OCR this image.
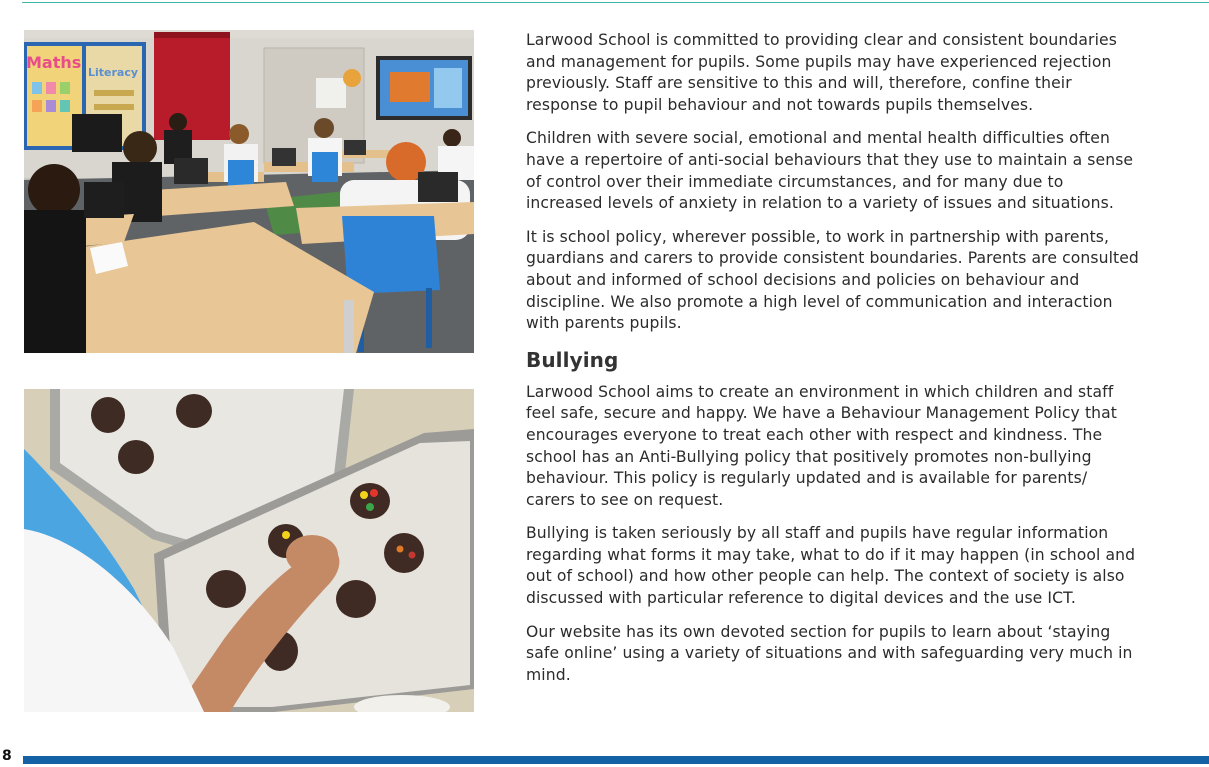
Maths
Literacy

Larwood School is committed to providing clear and consistent boundaries and management for pupils. Some pupils may have experienced rejection previously. Staff are sensitive to this and will, therefore, confine their response to pupil behaviour and not towards pupils themselves.

Children with severe social, emotional and mental health difficulties often have a repertoire of anti-social behaviours that they use to maintain a sense of control over their immediate circumstances, and for many due to increased levels of anxiety in relation to a variety of issues and situations.

It is school policy, wherever possible, to work in partnership with parents, guardians and carers to provide consistent boundaries. Parents are consulted about and informed of school decisions and policies on behaviour and discipline. We also promote a high level of communication and interaction with parents pupils.

Bullying

Larwood School aims to create an environment in which children and staff feel safe, secure and happy. We have a Behaviour Management Policy that encourages everyone to treat each other with respect and kindness. The school has an Anti-Bullying policy that positively promotes non-bullying behaviour. This policy is regularly updated and is available for parents/ carers to see on request.

Bullying is taken seriously by all staff and pupils have regular information regarding what forms it may take, what to do if it may happen (in school and out of school) and how other people can help. The context of society is also discussed with particular reference to digital devices and the use ICT.

Our website has its own devoted section for pupils to learn about ‘staying safe online’ using a variety of situations and with safeguarding very much in mind.

8
